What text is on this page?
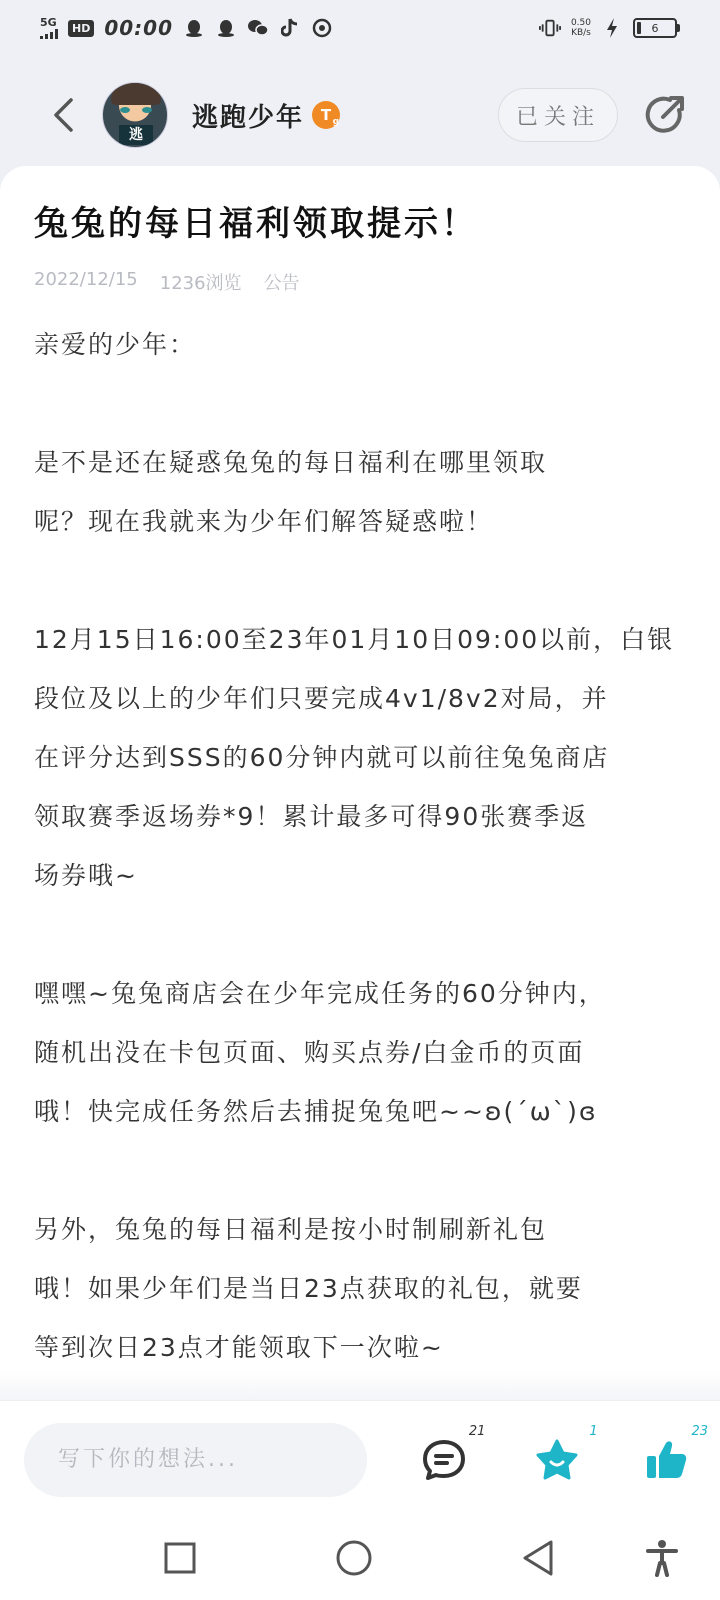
5G	HD 00:00	0.50
KB/s	6
逃
逃跑少年 $T_g$	已关注
兔兔的每日福利领取提示！
2022/12/15 1236浏览 公告

亲爱的少年：

是不是还在疑惑兔兔的每日福利在哪里领取

呢？现在我就来为少年们解答疑惑啦！

12月15日16:00至23年01月10日09:00以前，白银

段位及以上的少年们只要完成4v1/8v2对局，并

在评分达到SSS的60分钟内就可以前往兔兔商店

领取赛季返场券*9！累计最多可得90张赛季返

场券哦~

嘿嘿~兔兔商店会在少年完成任务的60分钟内，

随机出没在卡包页面、购买点券/白金币的页面

哦！快完成任务然后去捕捉兔兔吧~~ʚ(´ω`)ɞ

另外，兔兔的每日福利是按小时制刷新礼包

哦！如果少年们是当日23点获取的礼包，就要

等到次日23点才能领取下一次啦~

写下你的想法...
21	1	23
